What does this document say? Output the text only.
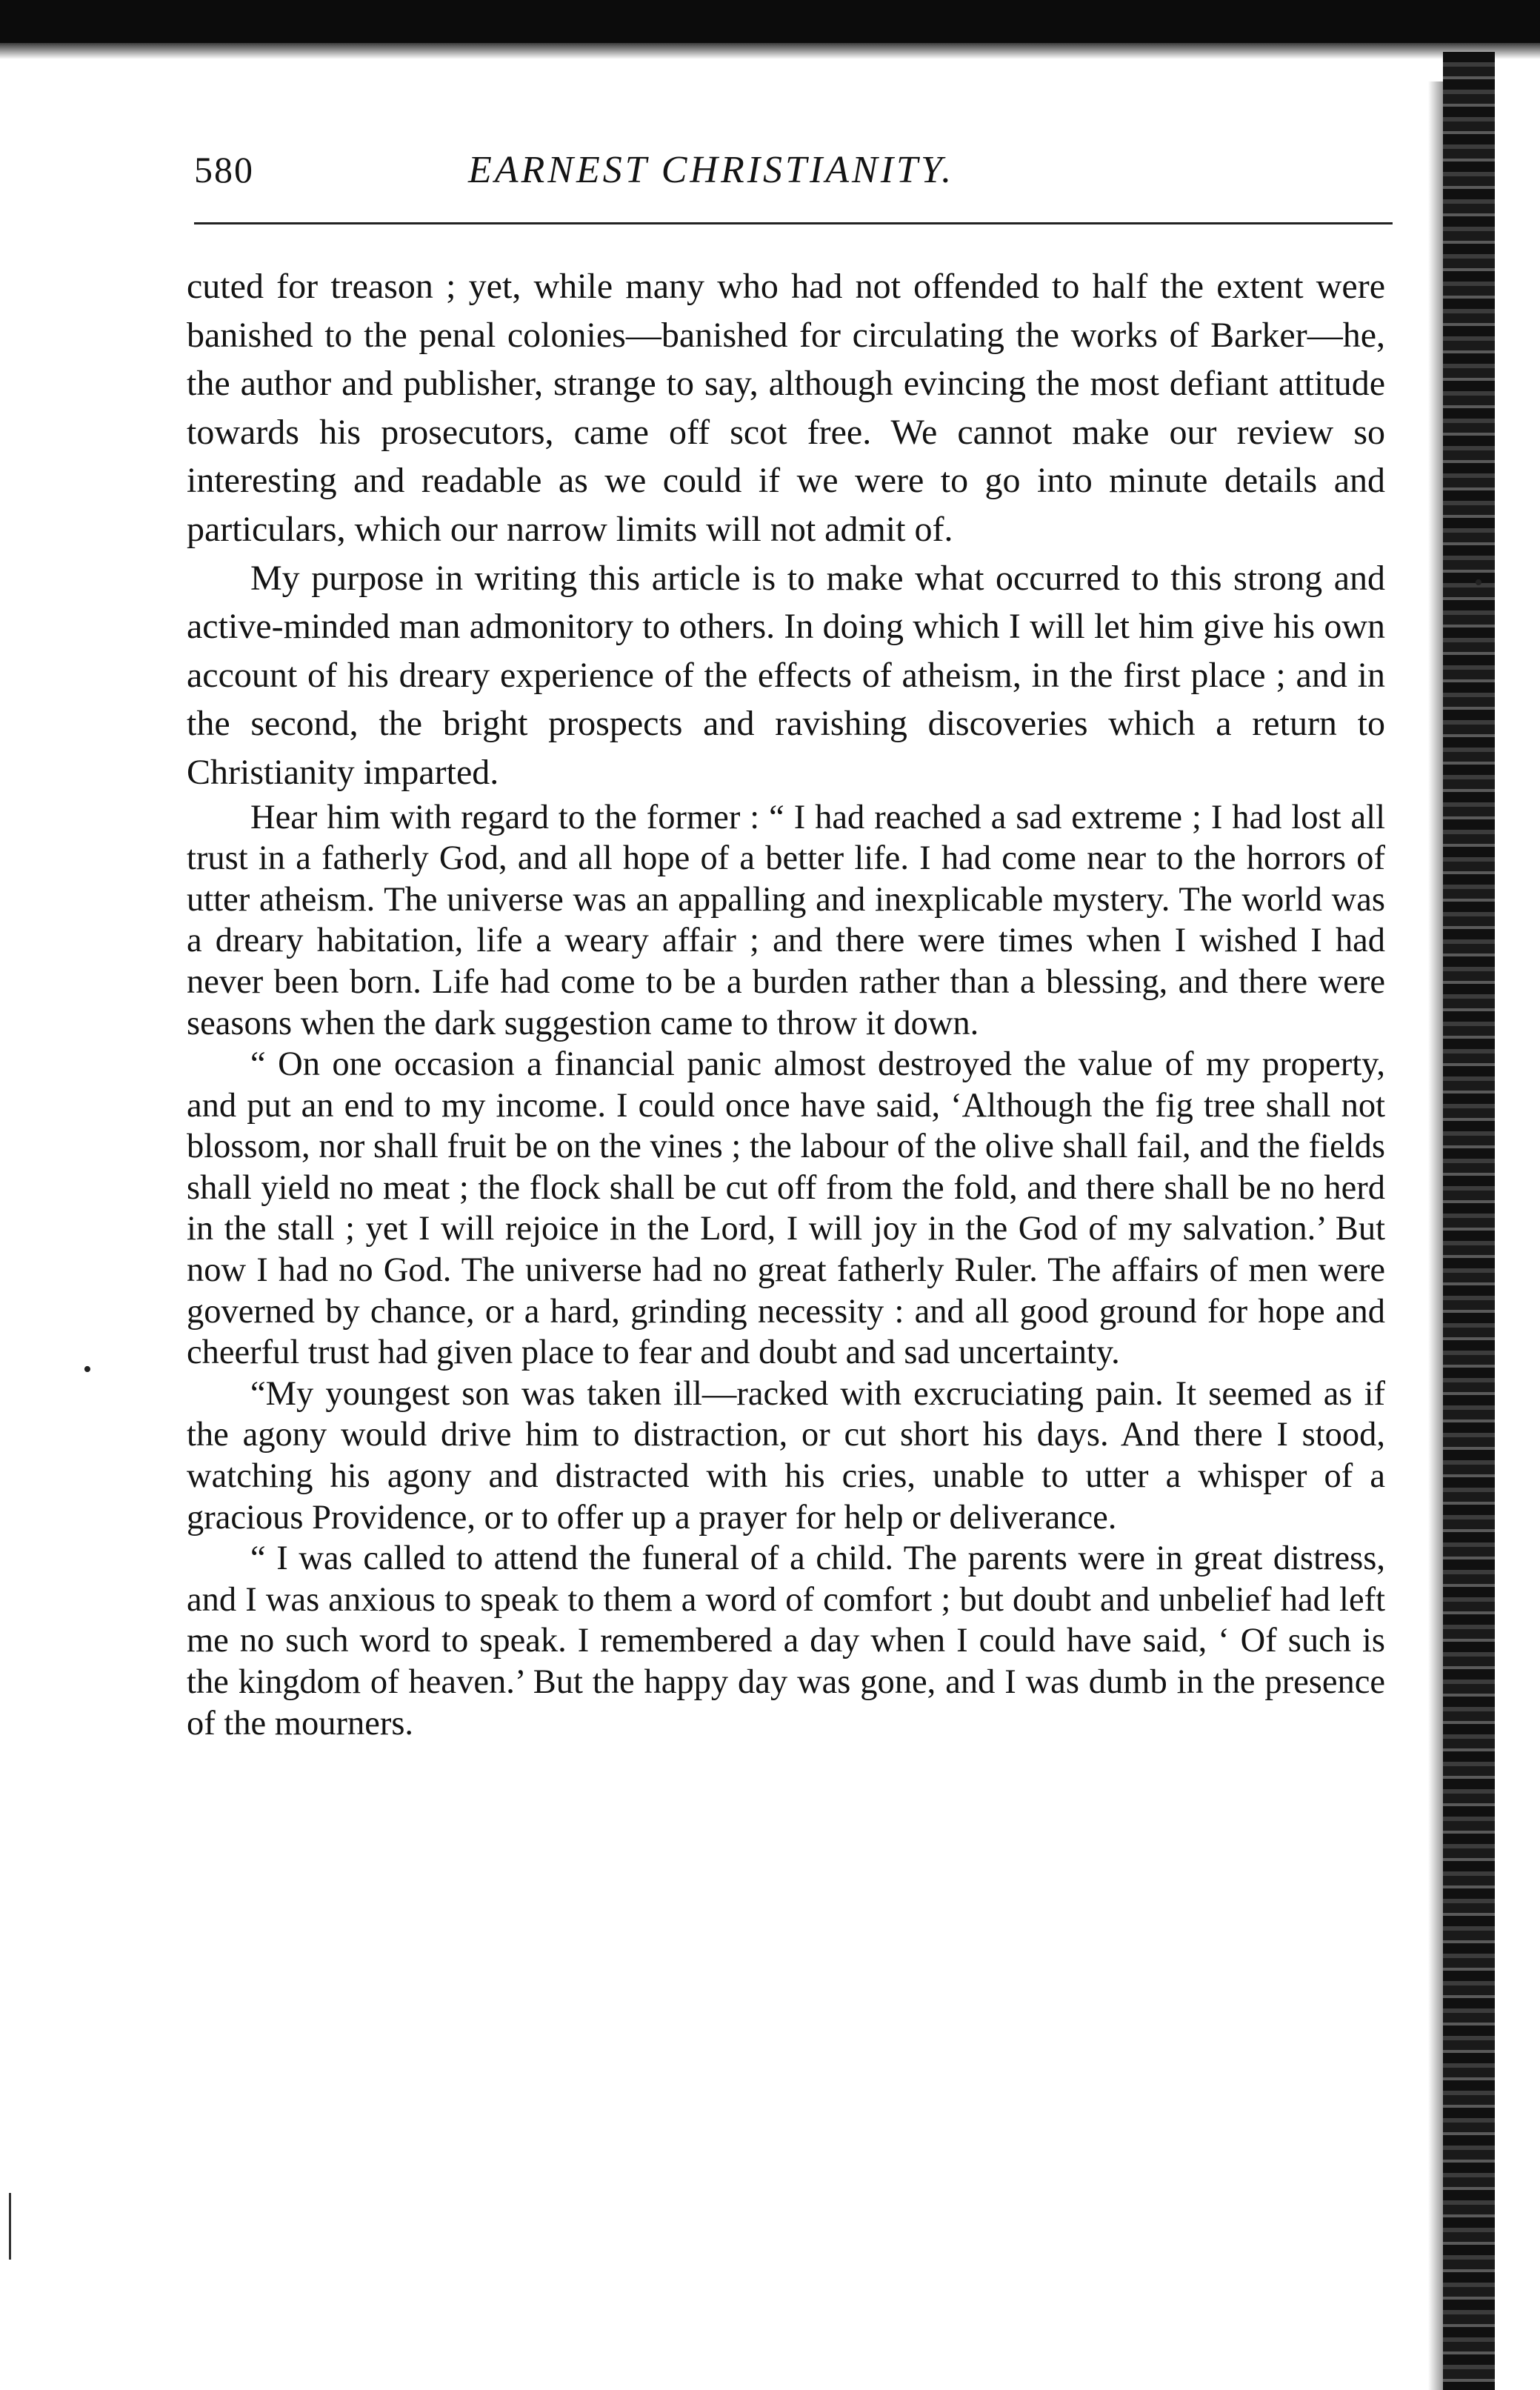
•
•
580	EARNEST CHRISTIANITY.

cuted for treason ; yet, while many who had not offended to half the extent were banished to the penal colonies—banished for circulating the works of Barker—he, the author and publisher, strange to say, although evincing the most defiant attitude towards his prosecutors, came off scot free. We cannot make our review so interesting and readable as we could if we were to go into minute details and particulars, which our narrow limits will not admit of.

My purpose in writing this article is to make what occurred to this strong and active-minded man admonitory to others. In doing which I will let him give his own account of his dreary experience of the effects of atheism, in the first place ; and in the second, the bright prospects and ravishing discoveries which a return to Christianity imparted.

Hear him with regard to the former : “ I had reached a sad extreme ; I had lost all trust in a fatherly God, and all hope of a better life. I had come near to the horrors of utter atheism. The universe was an appalling and inexplicable mystery. The world was a dreary habitation, life a weary affair ; and there were times when I wished I had never been born. Life had come to be a burden rather than a blessing, and there were seasons when the dark suggestion came to throw it down.

“ On one occasion a financial panic almost destroyed the value of my property, and put an end to my income. I could once have said, ‘Although the fig tree shall not blossom, nor shall fruit be on the vines ; the labour of the olive shall fail, and the fields shall yield no meat ; the flock shall be cut off from the fold, and there shall be no herd in the stall ; yet I will rejoice in the Lord, I will joy in the God of my salvation.’ But now I had no God. The universe had no great fatherly Ruler. The affairs of men were governed by chance, or a hard, grinding necessity : and all good ground for hope and cheerful trust had given place to fear and doubt and sad uncertainty.

“My youngest son was taken ill—racked with excruciating pain. It seemed as if the agony would drive him to distraction, or cut short his days. And there I stood, watching his agony and distracted with his cries, unable to utter a whisper of a gracious Providence, or to offer up a prayer for help or deliverance.

“ I was called to attend the funeral of a child. The parents were in great distress, and I was anxious to speak to them a word of comfort ; but doubt and unbelief had left me no such word to speak. I remembered a day when I could have said, ‘ Of such is the kingdom of heaven.’ But the happy day was gone, and I was dumb in the presence of the mourners.
